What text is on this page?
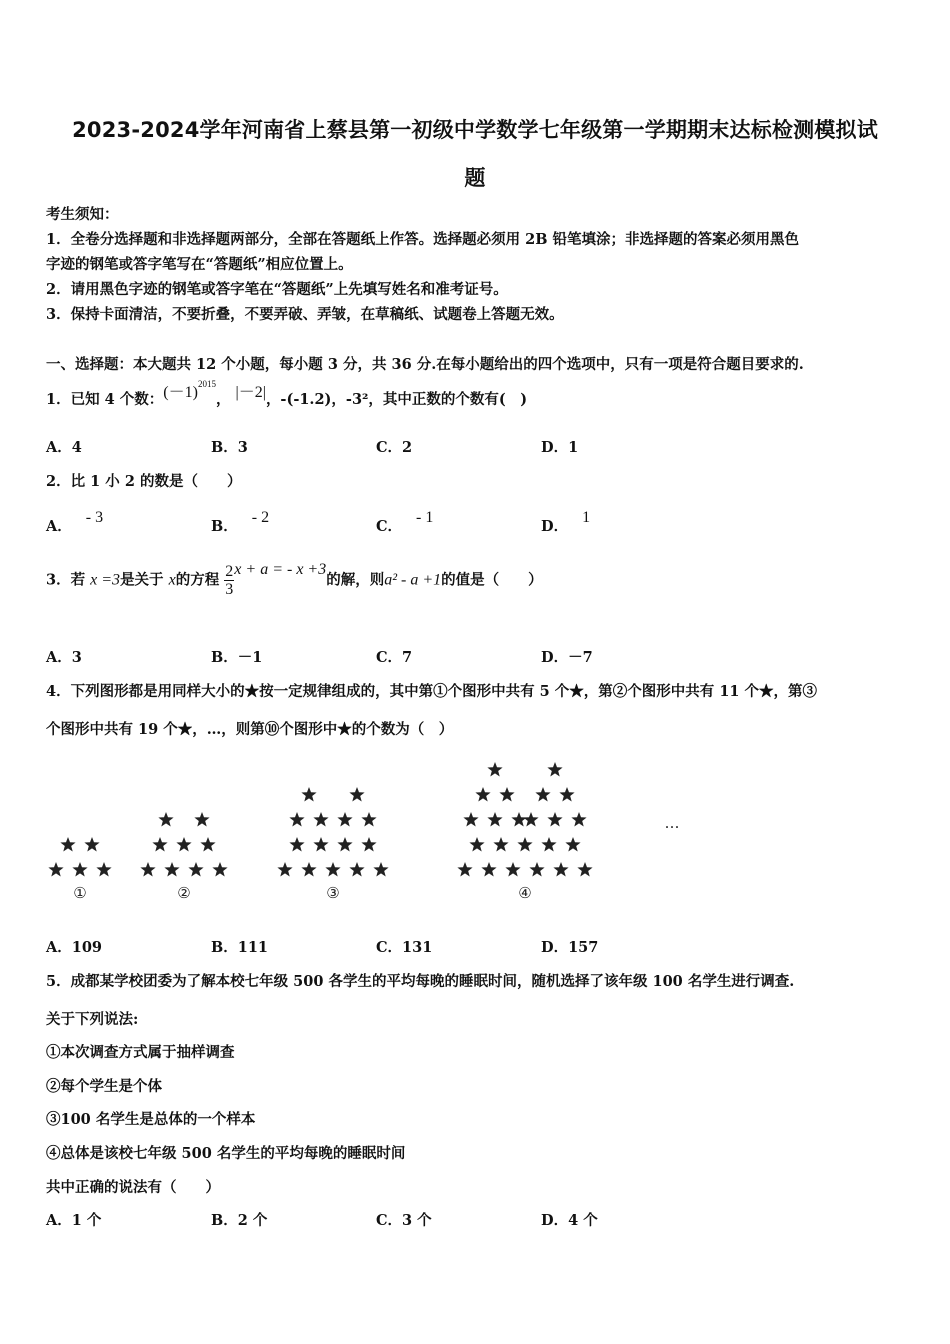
2023-2024学年河南省上蔡县第一初级中学数学七年级第一学期期末达标检测模拟试
题
考生须知：
1．全卷分选择题和非选择题两部分，全部在答题纸上作答。选择题必须用 2B 铅笔填涂；非选择题的答案必须用黑色
字迹的钢笔或答字笔写在“答题纸”相应位置上。
2．请用黑色字迹的钢笔或答字笔在“答题纸”上先填写姓名和准考证号。
3．保持卡面清洁，不要折叠，不要弄破、弄皱，在草稿纸、试题卷上答题无效。
一、选择题：本大题共 12 个小题，每小题 3 分，共 36 分.在每小题给出的四个选项中，只有一项是符合题目要求的.
1．已知 4 个数：$(-1)^{2015}$， |－2|，-(-1.2)，-3²，其中正数的个数有(　)
A．4	B．3	C．2	D．1
2．比 1 小 2 的数是（　　）
A．- 3
B．- 2
C．- 1
D．1
3．若 x =3是关于 x的方程 $\frac{2}{3}$ x + a = - x +3的解，则a² - a +1的值是（　　）
A．3	B．－1	C．7	D．－7
4．下列图形都是用同样大小的★按一定规律组成的，其中第①个图形中共有 5 个★，第②个图形中共有 11 个★，第③
个图形中共有 19 个★，…，则第⑩个图形中★的个数为（　）
①	②	③	④
…
A．109	B．111	C．131	D．157
5．成都某学校团委为了解本校七年级 500 各学生的平均每晚的睡眠时间，随机选择了该年级 100 名学生进行调查.
关于下列说法:
①本次调查方式属于抽样调查
②每个学生是个体
③100 名学生是总体的一个样本
④总体是该校七年级 500 名学生的平均每晚的睡眠时间
共中正确的说法有（　　）
A．1 个	B．2 个	C．3 个	D．4 个
